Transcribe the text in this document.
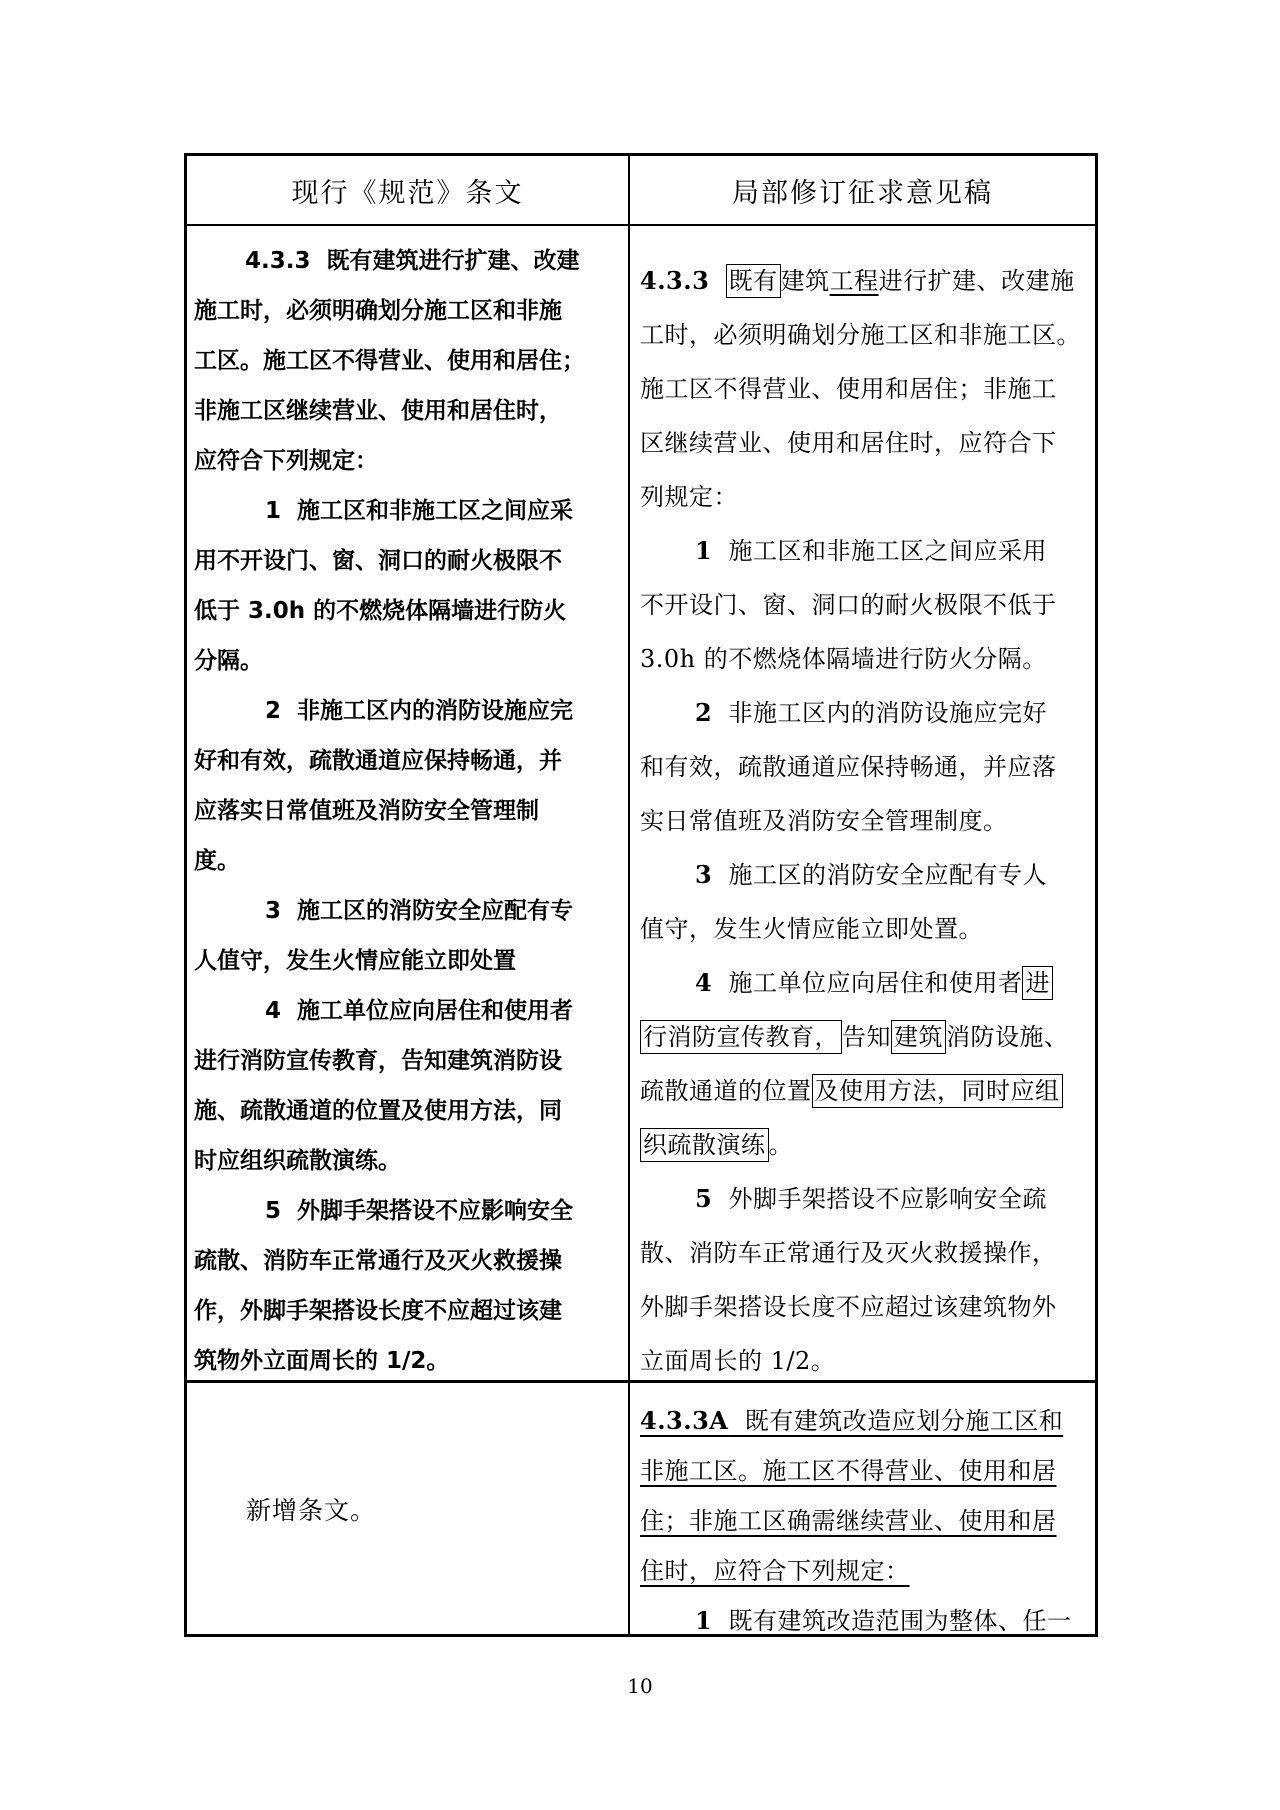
现行《规范》条文	局部修订征求意见稿
4.3.3  既有建筑进行扩建、改建
施工时，必须明确划分施工区和非施
工区。施工区不得营业、使用和居住；
非施工区继续营业、使用和居住时，
应符合下列规定：
1  施工区和非施工区之间应采
用不开设门、窗、洞口的耐火极限不
低于 3.0h 的不燃烧体隔墙进行防火
分隔。
2  非施工区内的消防设施应完
好和有效，疏散通道应保持畅通，并
应落实日常值班及消防安全管理制
度。
3  施工区的消防安全应配有专
人值守，发生火情应能立即处置
4  施工单位应向居住和使用者
进行消防宣传教育，告知建筑消防设
施、疏散通道的位置及使用方法，同
时应组织疏散演练。
5  外脚手架搭设不应影响安全
疏散、消防车正常通行及灭火救援操
作，外脚手架搭设长度不应超过该建
筑物外立面周长的 1/2。
4.3.3 既有 建筑工程进行扩建、改建施
工时，必须明确划分施工区和非施工区。
施工区不得营业、使用和居住；非施工
区继续营业、使用和居住时，应符合下
列规定：
1  施工区和非施工区之间应采用
不开设门、窗、洞口的耐火极限不低于
3.0h 的不燃烧体隔墙进行防火分隔。
2  非施工区内的消防设施应完好
和有效，疏散通道应保持畅通，并应落
实日常值班及消防安全管理制度。
3  施工区的消防安全应配有专人
值守，发生火情应能立即处置。
4  施工单位应向居住和使用者 进
行消防宣传教育， 告知 建筑 消防设施、
疏散通道的位置 及使用方法，同时应组
织疏散演练 。
5  外脚手架搭设不应影响安全疏
散、消防车正常通行及灭火救援操作，
外脚手架搭设长度不应超过该建筑物外
立面周长的 1/2。
新增条文。
4.3.3A  既有建筑改造应划分施工区和
非施工区。施工区不得营业、使用和居
住；非施工区确需继续营业、使用和居
住时，应符合下列规定：
1  既有建筑改造范围为整体、任一
10
